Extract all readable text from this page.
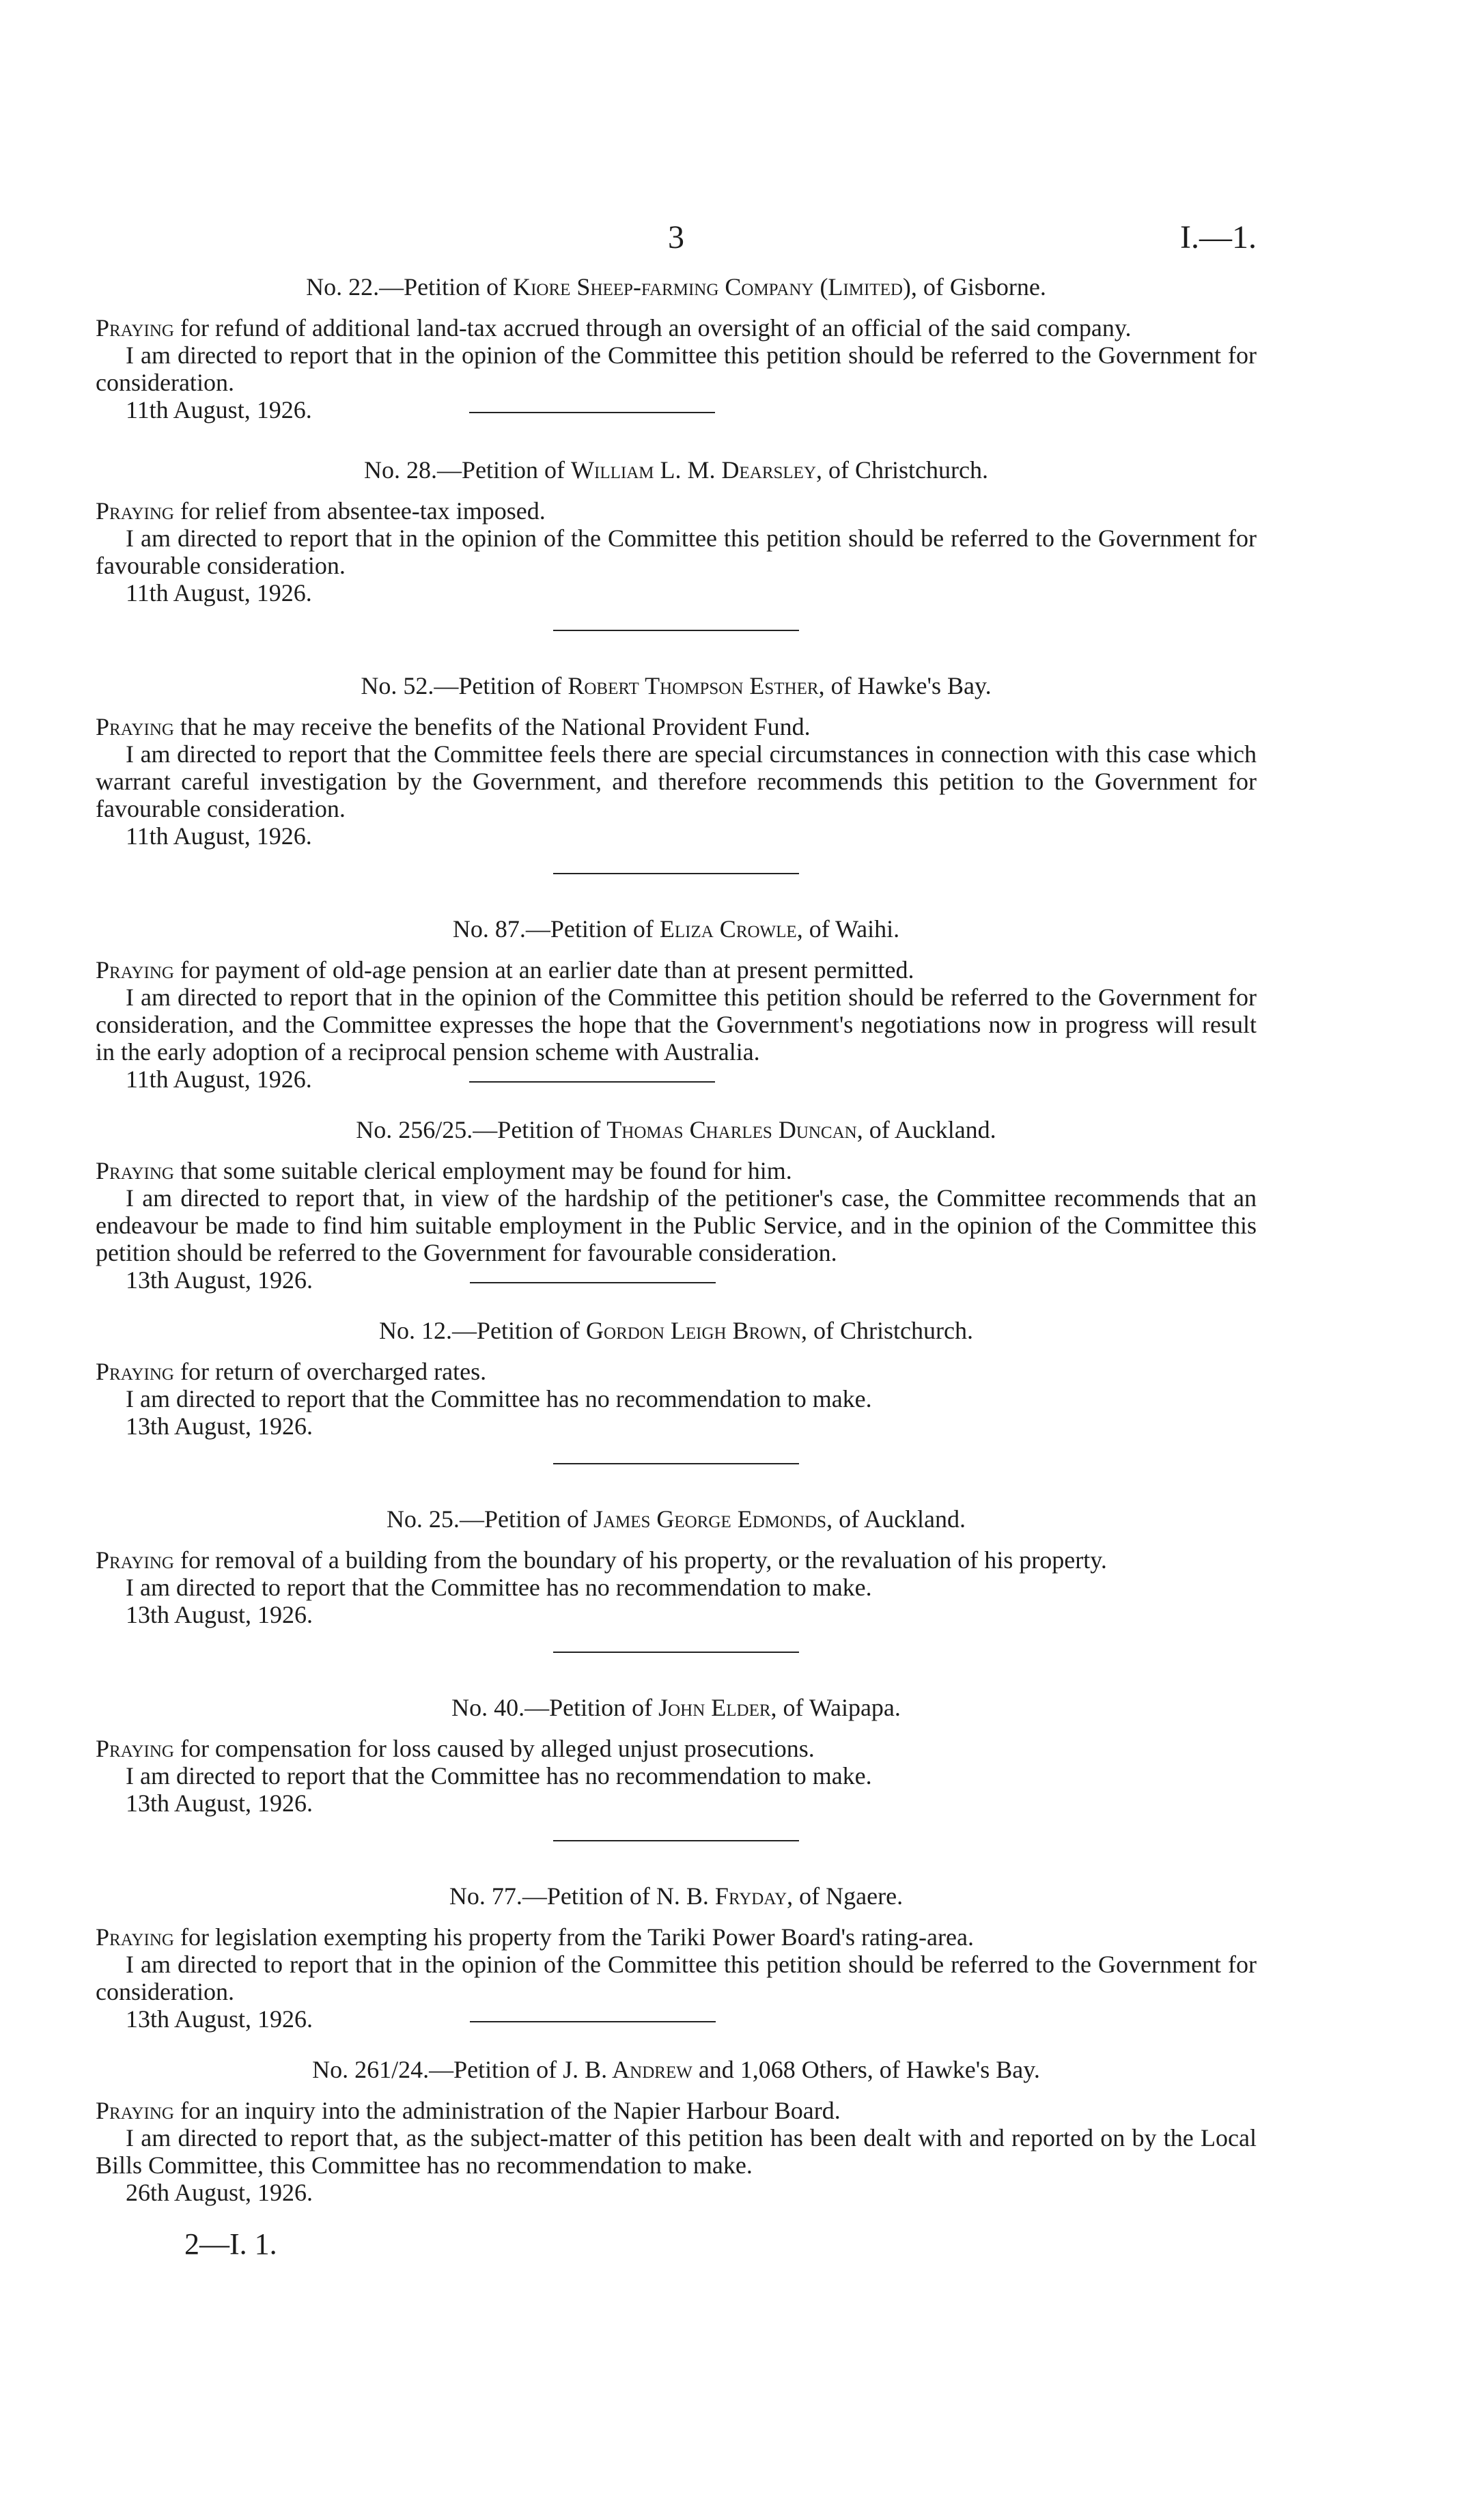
3	I.—1.

No. 22.—Petition of Kiore Sheep-farming Company (Limited), of Gisborne.

Praying for refund of additional land-tax accrued through an oversight of an official of the said company.

I am directed to report that in the opinion of the Committee this petition should be referred to the Government for consideration.

11th August, 1926.

No. 28.—Petition of William L. M. Dearsley, of Christchurch.

Praying for relief from absentee-tax imposed.

I am directed to report that in the opinion of the Committee this petition should be referred to the Government for favourable consideration.

11th August, 1926.

No. 52.—Petition of Robert Thompson Esther, of Hawke's Bay.

Praying that he may receive the benefits of the National Provident Fund.

I am directed to report that the Committee feels there are special circumstances in connection with this case which warrant careful investigation by the Government, and therefore recommends this petition to the Government for favourable consideration.

11th August, 1926.

No. 87.—Petition of Eliza Crowle, of Waihi.

Praying for payment of old-age pension at an earlier date than at present permitted.

I am directed to report that in the opinion of the Committee this petition should be referred to the Government for consideration, and the Committee expresses the hope that the Government's negotiations now in progress will result in the early adoption of a reciprocal pension scheme with Australia.

11th August, 1926.

No. 256/25.—Petition of Thomas Charles Duncan, of Auckland.

Praying that some suitable clerical employment may be found for him.

I am directed to report that, in view of the hardship of the petitioner's case, the Committee recommends that an endeavour be made to find him suitable employment in the Public Service, and in the opinion of the Committee this petition should be referred to the Government for favourable consideration.

13th August, 1926.

No. 12.—Petition of Gordon Leigh Brown, of Christchurch.

Praying for return of overcharged rates.

I am directed to report that the Committee has no recommendation to make.

13th August, 1926.

No. 25.—Petition of James George Edmonds, of Auckland.

Praying for removal of a building from the boundary of his property, or the revaluation of his property.

I am directed to report that the Committee has no recommendation to make.

13th August, 1926.

No. 40.—Petition of John Elder, of Waipapa.

Praying for compensation for loss caused by alleged unjust prosecutions.

I am directed to report that the Committee has no recommendation to make.

13th August, 1926.

No. 77.—Petition of N. B. Fryday, of Ngaere.

Praying for legislation exempting his property from the Tariki Power Board's rating-area.

I am directed to report that in the opinion of the Committee this petition should be referred to the Government for consideration.

13th August, 1926.

No. 261/24.—Petition of J. B. Andrew and 1,068 Others, of Hawke's Bay.

Praying for an inquiry into the administration of the Napier Harbour Board.

I am directed to report that, as the subject-matter of this petition has been dealt with and reported on by the Local Bills Committee, this Committee has no recommendation to make.

26th August, 1926.

2—I. 1.
